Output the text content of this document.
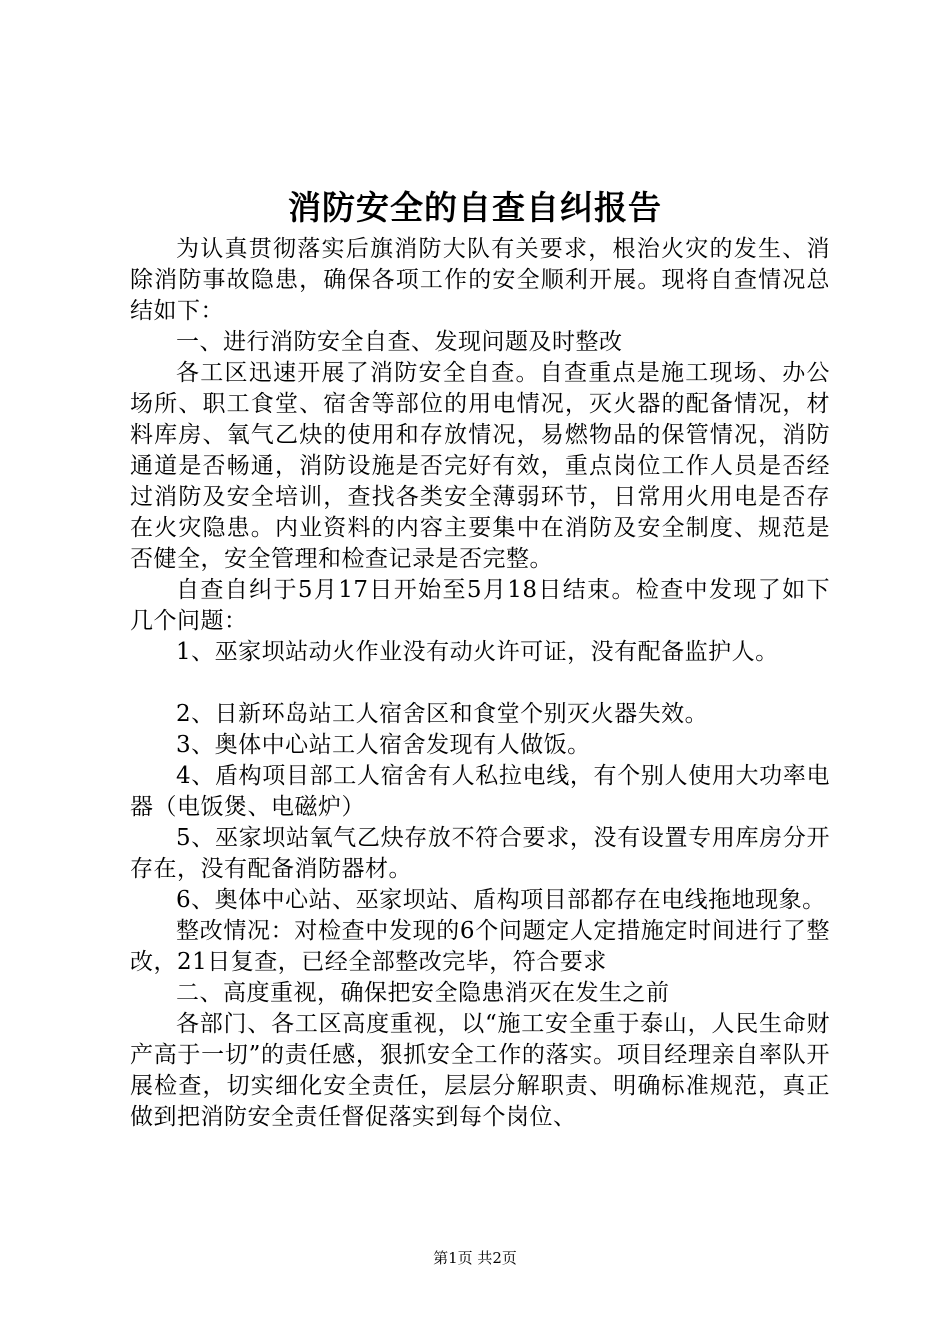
消防安全的自查自纠报告

为认真贯彻落实后旗消防大队有关要求，根治火灾的发生、消除消防事故隐患，确保各项工作的安全顺利开展。现将自查情况总结如下：

一、进行消防安全自查、发现问题及时整改

各工区迅速开展了消防安全自查。自查重点是施工现场、办公场所、职工食堂、宿舍等部位的用电情况，灭火器的配备情况，材料库房、氧气乙炔的使用和存放情况，易燃物品的保管情况，消防通道是否畅通，消防设施是否完好有效，重点岗位工作人员是否经过消防及安全培训，查找各类安全薄弱环节，日常用火用电是否存在火灾隐患。内业资料的内容主要集中在消防及安全制度、规范是否健全，安全管理和检查记录是否完整。

自查自纠于5月17日开始至5月18日结束。检查中发现了如下几个问题：

1、巫家坝站动火作业没有动火许可证，没有配备监护人。

2、日新环岛站工人宿舍区和食堂个别灭火器失效。

3、奥体中心站工人宿舍发现有人做饭。

4、盾构项目部工人宿舍有人私拉电线，有个别人使用大功率电器（电饭煲、电磁炉）

5、巫家坝站氧气乙炔存放不符合要求，没有设置专用库房分开存在，没有配备消防器材。

6、奥体中心站、巫家坝站、盾构项目部都存在电线拖地现象。

整改情况：对检查中发现的6个问题定人定措施定时间进行了整改，21日复查，已经全部整改完毕，符合要求

二、高度重视，确保把安全隐患消灭在发生之前

各部门、各工区高度重视，以“施工安全重于泰山，人民生命财产高于一切”的责任感，狠抓安全工作的落实。项目经理亲自率队开展检查，切实细化安全责任，层层分解职责、明确标准规范，真正做到把消防安全责任督促落实到每个岗位、

第1页 共2页
